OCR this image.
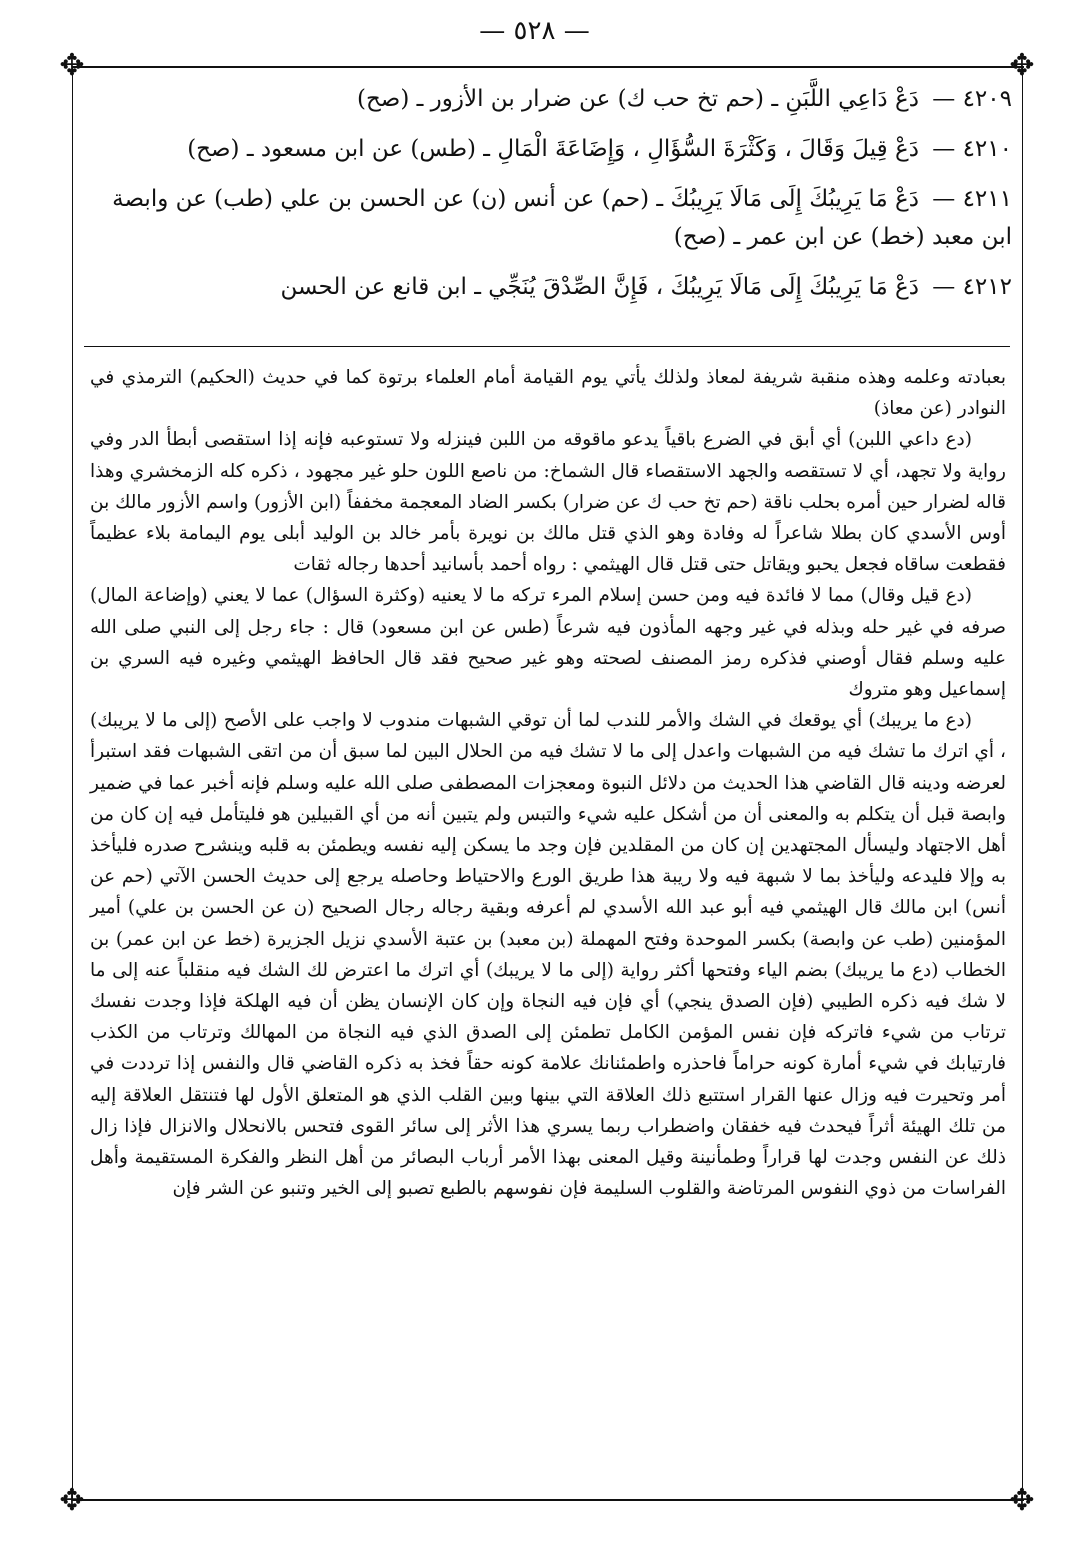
— ٥٢٨ —
✥	✥
✥	✥
٤٢٠٩ — دَعْ دَاعِي اللَّبَنِ ـ (حم تخ حب ك) عن ضرار بن الأزور ـ (صح)
٤٢١٠ — دَعْ قِيلَ وَقَالَ ، وَكَثْرَةَ السُّؤَالِ ، وَإِضَاعَةَ الْمَالِ ـ (طس) عن ابن مسعود ـ (صح)
٤٢١١ — دَعْ مَا يَرِيبُكَ إِلَى مَالَا يَرِيبُكَ ـ (حم) عن أنس (ن) عن الحسن بن علي (طب) عن وابصة ابن معبد (خط) عن ابن عمر ـ (صح)
٤٢١٢ — دَعْ مَا يَرِيبُكَ إِلَى مَالَا يَرِيبُكَ ، فَإِنَّ الصِّدْقَ يُنَجِّي ـ ابن قانع عن الحسن

بعبادته وعلمه وهذه منقبة شريفة لمعاذ ولذلك يأتي يوم القيامة أمام العلماء برتوة كما في حديث (الحكيم) الترمذي في النوادر (عن معاذ)

(دع داعي اللبن) أي أبق في الضرع باقياً يدعو ماقوقه من اللبن فينزله ولا تستوعبه فإنه إذا استقصى أبطأ الدر وفي رواية ولا تجهد، أي لا تستقصه والجهد الاستقصاء قال الشماخ: من ناصع اللون حلو غير مجهود ، ذكره كله الزمخشري وهذا قاله لضرار حين أمره بحلب ناقة (حم تخ حب ك عن ضرار) بكسر الضاد المعجمة مخففاً (ابن الأزور) واسم الأزور مالك بن أوس الأسدي كان بطلا شاعراً له وفادة وهو الذي قتل مالك بن نويرة بأمر خالد بن الوليد أبلى يوم اليمامة بلاء عظيماً فقطعت ساقاه فجعل يحبو ويقاتل حتى قتل قال الهيثمي : رواه أحمد بأسانيد أحدها رجاله ثقات

(دع قيل وقال) مما لا فائدة فيه ومن حسن إسلام المرء تركه ما لا يعنيه (وكثرة السؤال) عما لا يعني (وإضاعة المال) صرفه في غير حله وبذله في غير وجهه المأذون فيه شرعاً (طس عن ابن مسعود) قال : جاء رجل إلى النبي صلى الله عليه وسلم فقال أوصني فذكره رمز المصنف لصحته وهو غير صحيح فقد قال الحافظ الهيثمي وغيره فيه السري بن إسماعيل وهو متروك

(دع ما يريبك) أي يوقعك في الشك والأمر للندب لما أن توقي الشبهات مندوب لا واجب على الأصح (إلى ما لا يريبك) ، أي اترك ما تشك فيه من الشبهات واعدل إلى ما لا تشك فيه من الحلال البين لما سبق أن من اتقى الشبهات فقد استبرأ لعرضه ودينه قال القاضي هذا الحديث من دلائل النبوة ومعجزات المصطفى صلى الله عليه وسلم فإنه أخبر عما في ضمير وابصة قبل أن يتكلم به والمعنى أن من أشكل عليه شيء والتبس ولم يتبين أنه من أي القبيلين هو فليتأمل فيه إن كان من أهل الاجتهاد وليسأل المجتهدين إن كان من المقلدين فإن وجد ما يسكن إليه نفسه ويطمئن به قلبه وينشرح صدره فليأخذ به وإلا فليدعه وليأخذ بما لا شبهة فيه ولا ريبة هذا طريق الورع والاحتياط وحاصله يرجع إلى حديث الحسن الآتي (حم عن أنس) ابن مالك قال الهيثمي فيه أبو عبد الله الأسدي لم أعرفه وبقية رجاله رجال الصحيح (ن عن الحسن بن علي) أمير المؤمنين (طب عن وابصة) بكسر الموحدة وفتح المهملة (بن معبد) بن عتبة الأسدي نزيل الجزيرة (خط عن ابن عمر) بن الخطاب (دع ما يريبك) بضم الياء وفتحها أكثر رواية (إلى ما لا يريبك) أي اترك ما اعترض لك الشك فيه منقلباً عنه إلى ما لا شك فيه ذكره الطيبي (فإن الصدق ينجي) أي فإن فيه النجاة وإن كان الإنسان يظن أن فيه الهلكة فإذا وجدت نفسك ترتاب من شيء فاتركه فإن نفس المؤمن الكامل تطمئن إلى الصدق الذي فيه النجاة من المهالك وترتاب من الكذب فارتيابك في شيء أمارة كونه حراماً فاحذره واطمئنانك علامة كونه حقاً فخذ به ذكره القاضي قال والنفس إذا ترددت في أمر وتحيرت فيه وزال عنها القرار استتبع ذلك العلاقة التي بينها وبين القلب الذي هو المتعلق الأول لها فتنتقل العلاقة إليه من تلك الهيئة أثراً فيحدث فيه خفقان واضطراب ربما يسري هذا الأثر إلى سائر القوى فتحس بالانحلال والانزال فإذا زال ذلك عن النفس وجدت لها قراراً وطمأنينة وقيل المعنى بهذا الأمر أرباب البصائر من أهل النظر والفكرة المستقيمة وأهل الفراسات من ذوي النفوس المرتاضة والقلوب السليمة فإن نفوسهم بالطبع تصبو إلى الخير وتنبو عن الشر فإن
